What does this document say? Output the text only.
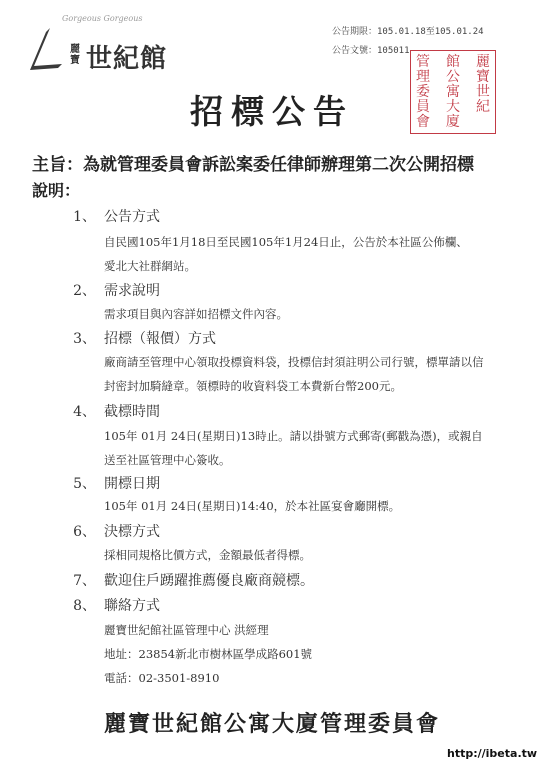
Gorgeous Gorgeous
麗寶 世紀館
公告期限：105.01.18至105.01.24
公告文號：105011
麗寶世紀
館公寓大廈
管理委員會
招標公告
主旨：為就管理委員會訴訟案委任律師辦理第二次公開招標
說明：
1、 公告方式
自民國105年1月18日至民國105年1月24日止，公告於本社區公佈欄、
愛北大社群網站。
2、 需求說明
需求項目與內容詳如招標文件內容。
3、 招標（報價）方式
廠商請至管理中心領取投標資料袋，投標信封須註明公司行號，標單請以信
封密封加騎縫章。領標時的收資料袋工本費新台幣200元。
4、 截標時間
105年 01月 24日(星期日)13時止。請以掛號方式郵寄(郵戳為憑)，或親自
送至社區管理中心簽收。
5、 開標日期
105年 01月 24日(星期日)14:40，於本社區宴會廳開標。
6、 決標方式
採相同規格比價方式，金額最低者得標。
7、 歡迎住戶踴躍推薦優良廠商競標。
8、 聯絡方式
麗寶世紀館社區管理中心 洪經理
地址：23854新北市樹林區學成路601號
電話：02-3501-8910
麗寶世紀館公寓大廈管理委員會
http://ibeta.tw
